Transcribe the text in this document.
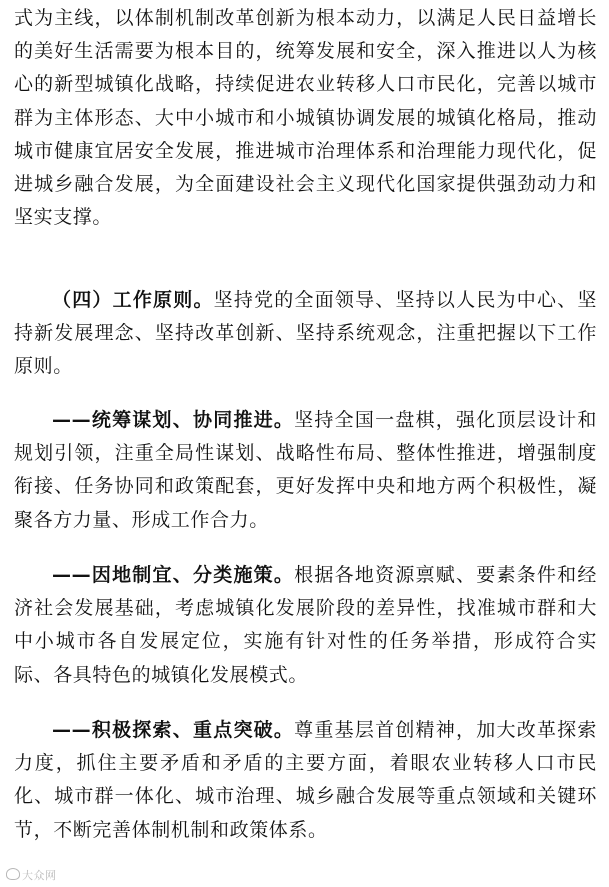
式为主线，以体制机制改革创新为根本动力，以满足人民日益增长的美好生活需要为根本目的，统筹发展和安全，深入推进以人为核心的新型城镇化战略，持续促进农业转移人口市民化，完善以城市群为主体形态、大中小城市和小城镇协调发展的城镇化格局，推动城市健康宜居安全发展，推进城市治理体系和治理能力现代化，促进城乡融合发展，为全面建设社会主义现代化国家提供强劲动力和坚实支撑。

（四）工作原则。坚持党的全面领导、坚持以人民为中心、坚持新发展理念、坚持改革创新、坚持系统观念，注重把握以下工作原则。

——统筹谋划、协同推进。坚持全国一盘棋，强化顶层设计和规划引领，注重全局性谋划、战略性布局、整体性推进，增强制度衔接、任务协同和政策配套，更好发挥中央和地方两个积极性，凝聚各方力量、形成工作合力。

——因地制宜、分类施策。根据各地资源禀赋、要素条件和经济社会发展基础，考虑城镇化发展阶段的差异性，找准城市群和大中小城市各自发展定位，实施有针对性的任务举措，形成符合实际、各具特色的城镇化发展模式。

——积极探索、重点突破。尊重基层首创精神，加大改革探索力度，抓住主要矛盾和矛盾的主要方面，着眼农业转移人口市民化、城市群一体化、城市治理、城乡融合发展等重点领域和关键环节，不断完善体制机制和政策体系。

大众网
